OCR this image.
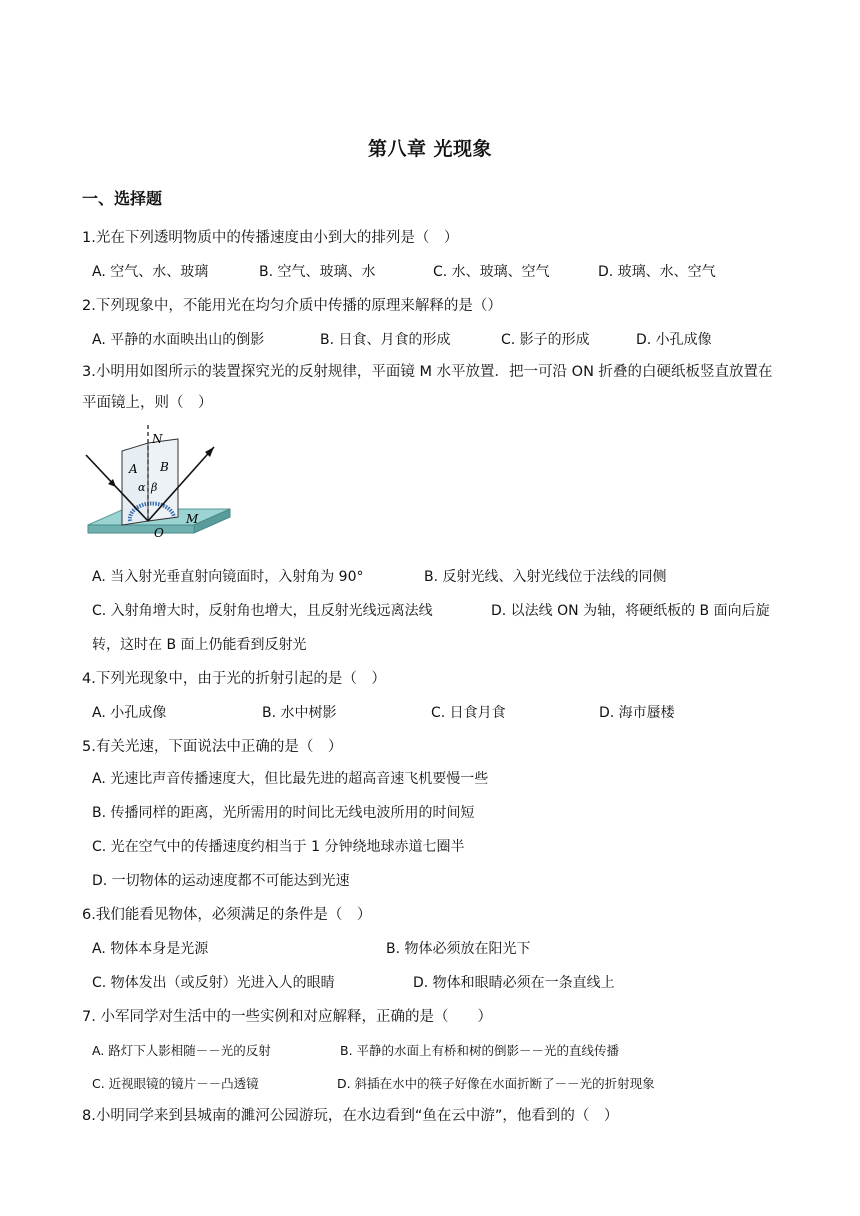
第八章 光现象
一、选择题
1.光在下列透明物质中的传播速度由小到大的排列是（　）
A. 空气、水、玻璃	B. 空气、玻璃、水	C. 水、玻璃、空气	D. 玻璃、水、空气
2.下列现象中，不能用光在均匀介质中传播的原理来解释的是（）
A. 平静的水面映出山的倒影	B. 日食、月食的形成	C. 影子的形成	D. 小孔成像
3.小明用如图所示的装置探究光的反射规律，平面镜 M 水平放置．把一可沿 ON 折叠的白硬纸板竖直放置在平面镜上，则（　）
N
A B
α β
O
M
A. 当入射光垂直射向镜面时，入射角为 90°	B. 反射光线、入射光线位于法线的同侧
C. 入射角增大时，反射角也增大，且反射光线远离法线	D. 以法线 ON 为轴，将硬纸板的 B 面向后旋
转，这时在 B 面上仍能看到反射光
4.下列光现象中，由于光的折射引起的是（　）
A. 小孔成像	B. 水中树影	C. 日食月食	D. 海市蜃楼
5.有关光速，下面说法中正确的是（　）
A. 光速比声音传播速度大，但比最先进的超高音速飞机要慢一些
B. 传播同样的距离，光所需用的时间比无线电波所用的时间短
C. 光在空气中的传播速度约相当于 1 分钟绕地球赤道七圈半
D. 一切物体的运动速度都不可能达到光速
6.我们能看见物体，必须满足的条件是（　）
A. 物体本身是光源	B. 物体必须放在阳光下
C. 物体发出（或反射）光进入人的眼睛	D. 物体和眼睛必须在一条直线上
7. 小军同学对生活中的一些实例和对应解释，正确的是（　　）
A. 路灯下人影相随－－光的反射	B. 平静的水面上有桥和树的倒影－－光的直线传播
C. 近视眼镜的镜片－－凸透镜	D. 斜插在水中的筷子好像在水面折断了－－光的折射现象
8.小明同学来到县城南的濉河公园游玩，在水边看到“鱼在云中游”，他看到的（　）
